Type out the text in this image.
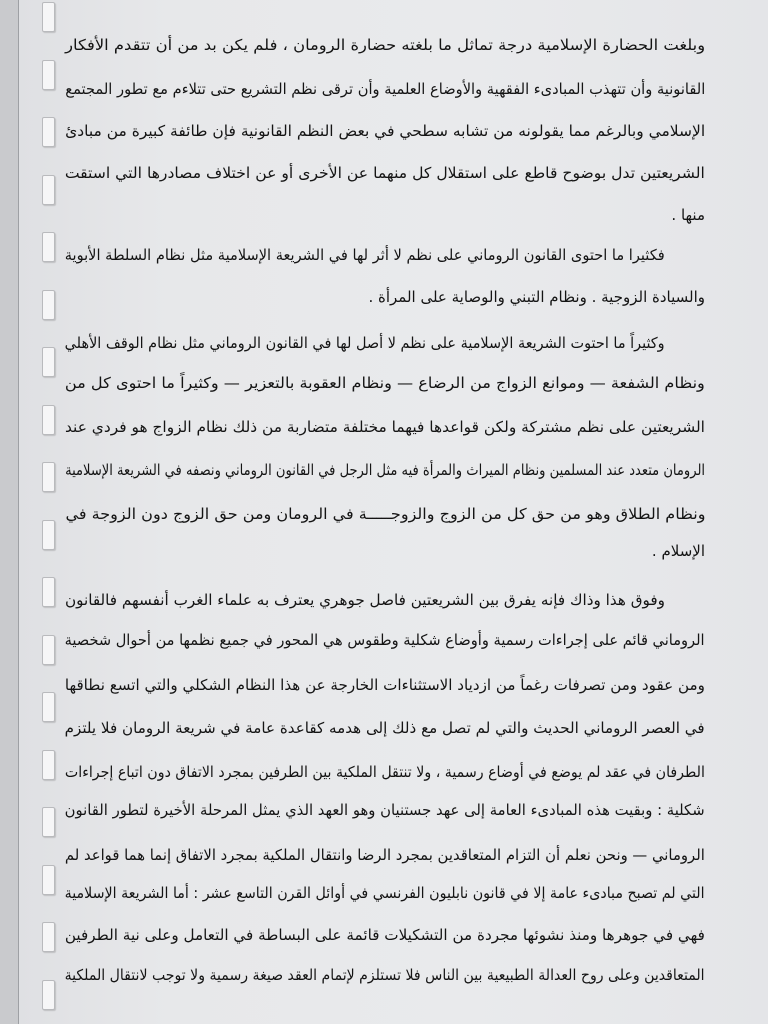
وبلغت الحضارة الإسلامية درجة تماثل ما بلغته حضارة الرومان ، فلم يكن بد من أن تتقدم الأفكار
القانونية وأن تتهذب المبادىء الفقهية والأوضاع العلمية وأن ترقى نظم التشريع حتى تتلاءم مع تطور المجتمع
الإسلامي وبالرغم مما يقولونه من تشابه سطحي في بعض النظم القانونية فإن طائفة كبيرة من مبادئ
الشريعتين تدل بوضوح قاطع على استقلال كل منهما عن الأخرى أو عن اختلاف مصادرها التي استقت
منها .
فكثيرا ما احتوى القانون الروماني على نظم لا أثر لها في الشريعة الإسلامية مثل نظام السلطة الأبوية
والسيادة الزوجية . ونظام التبني والوصاية على المرأة .
وكثيراً ما احتوت الشريعة الإسلامية على نظم لا أصل لها في القانون الروماني مثل نظام الوقف الأهلي
ونظام الشفعة — وموانع الزواج من الرضاع — ونظام العقوبة بالتعزير — وكثيراً ما احتوى كل من
الشريعتين على نظم مشتركة ولكن قواعدها فيهما مختلفة متضاربة من ذلك نظام الزواج هو فردي عند
الرومان متعدد عند المسلمين ونظام الميراث والمرأة فيه مثل الرجل في القانون الروماني ونصفه في الشريعة الإسلامية
ونظام الطلاق وهو من حق كل من الزوج والزوجـــــة في الرومان ومن حق الزوج دون الزوجة في
الإسلام .
وفوق هذا وذاك فإنه يفرق بين الشريعتين فاصل جوهري يعترف به علماء الغرب أنفسهم فالقانون
الروماني قائم على إجراءات رسمية وأوضاع شكلية وطقوس هي المحور في جميع نظمها من أحوال شخصية
ومن عقود ومن تصرفات رغماً من ازدياد الاستثناءات الخارجة عن هذا النظام الشكلي والتي اتسع نطاقها
في العصر الروماني الحديث والتي لم تصل مع ذلك إلى هدمه كقاعدة عامة في شريعة الرومان فلا يلتزم
الطرفان في عقد لم يوضع في أوضاع رسمية ، ولا تنتقل الملكية بين الطرفين بمجرد الاتفاق دون اتباع إجراءات
شكلية : وبقيت هذه المبادىء العامة إلى عهد جستنيان وهو العهد الذي يمثل المرحلة الأخيرة لتطور القانون
الروماني — ونحن نعلم أن التزام المتعاقدين بمجرد الرضا وانتقال الملكية بمجرد الاتفاق إنما هما قواعد لم
التي لم تصبح مبادىء عامة إلا في قانون نابليون الفرنسي في أوائل القرن التاسع عشر : أما الشريعة الإسلامية
فهي في جوهرها ومنذ نشوئها مجردة من التشكيلات قائمة على البساطة في التعامل وعلى نية الطرفين
المتعاقدين وعلى روح العدالة الطبيعية بين الناس فلا تستلزم لإتمام العقد صيغة رسمية ولا توجب لانتقال الملكية
